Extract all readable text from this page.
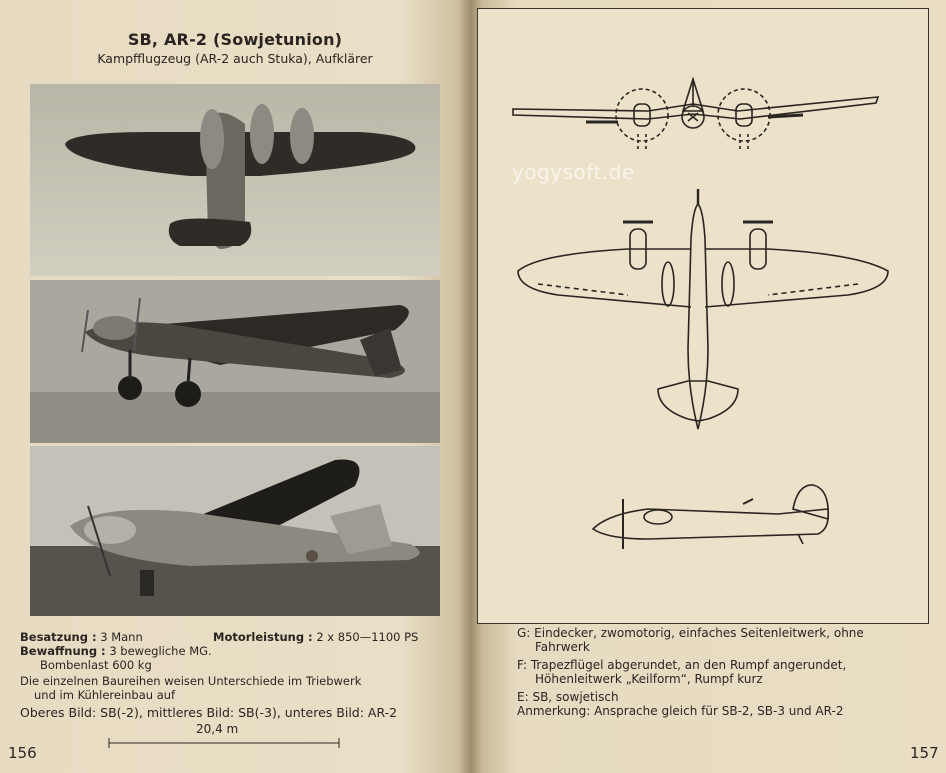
SB, AR-2 (Sowjetunion)
Kampfflugzeug (AR-2 auch Stuka), Aufklärer
Besatzung : 3 Mann	Motorleistung : 2 x 850—1100 PS
Bewaffnung : 3 bewegliche MG.
Bombenlast 600 kg
Die einzelnen Baureihen weisen Unterschiede im Triebwerk
und im Kühlereinbau auf
Oberes Bild: SB(-2), mittleres Bild: SB(-3), unteres Bild: AR-2
20,4 m
156
yogysoft.de
G: Eindecker, zwomotorig, einfaches Seitenleitwerk, ohne
Fahrwerk
F: Trapezflügel abgerundet, an den Rumpf angerundet,
Höhenleitwerk „Keilform“, Rumpf kurz
E: SB, sowjetisch
Anmerkung: Ansprache gleich für SB-2, SB-3 und AR-2
157
